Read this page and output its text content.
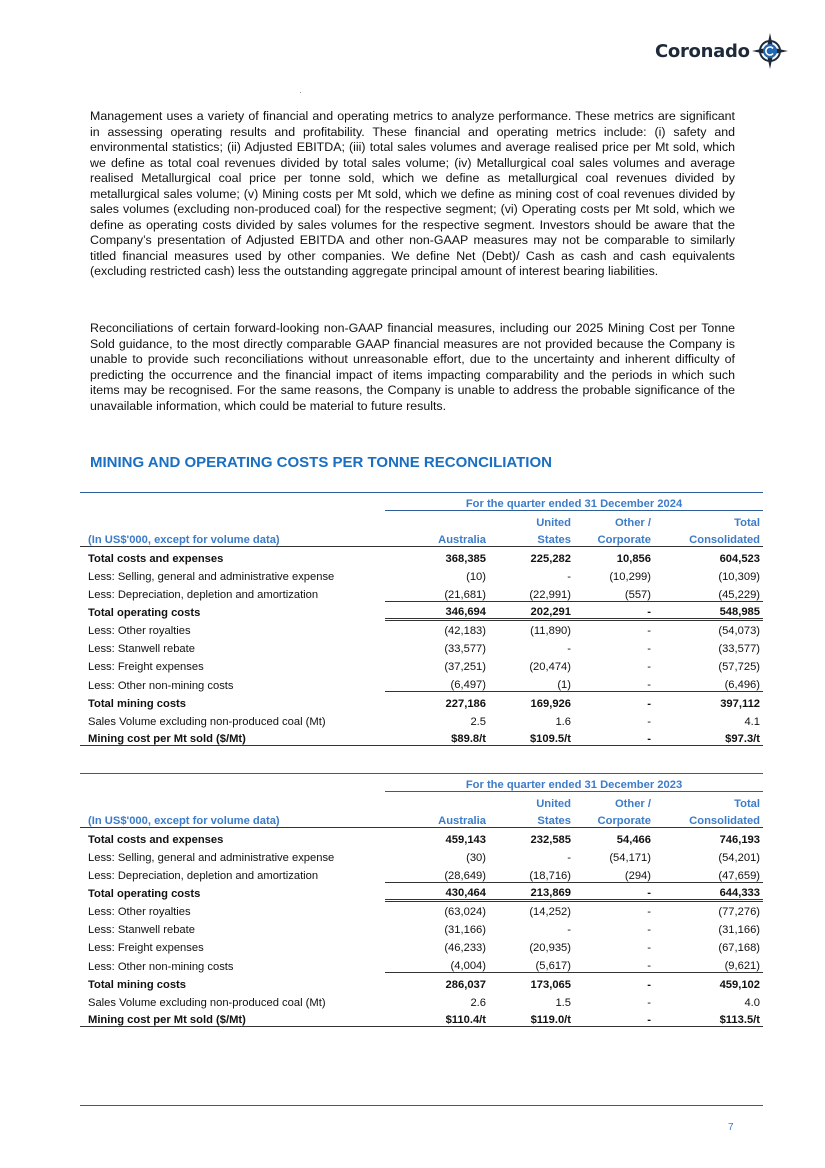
Coronado

Management uses a variety of financial and operating metrics to analyze performance. These metrics are significant in assessing operating results and profitability. These financial and operating metrics include: (i) safety and environmental statistics; (ii) Adjusted EBITDA; (iii) total sales volumes and average realised price per Mt sold, which we define as total coal revenues divided by total sales volume; (iv) Metallurgical coal sales volumes and average realised Metallurgical coal price per tonne sold, which we define as metallurgical coal revenues divided by metallurgical sales volume; (v) Mining costs per Mt sold, which we define as mining cost of coal revenues divided by sales volumes (excluding non-produced coal) for the respective segment; (vi) Operating costs per Mt sold, which we define as operating costs divided by sales volumes for the respective segment. Investors should be aware that the Company’s presentation of Adjusted EBITDA and other non-GAAP measures may not be comparable to similarly titled financial measures used by other companies. We define Net (Debt)/ Cash as cash and cash equivalents (excluding restricted cash) less the outstanding aggregate principal amount of interest bearing liabilities.

Reconciliations of certain forward-looking non-GAAP financial measures, including our 2025 Mining Cost per Tonne Sold guidance, to the most directly comparable GAAP financial measures are not provided because the Company is unable to provide such reconciliations without unreasonable effort, due to the uncertainty and inherent difficulty of predicting the occurrence and the financial impact of items impacting comparability and the periods in which such items may be recognised. For the same reasons, the Company is unable to address the probable significance of the unavailable information, which could be material to future results.

MINING AND OPERATING COSTS PER TONNE RECONCILIATION
	For the quarter ended 31 December 2024			
		United	Other /	Total
(In US$'000, except for volume data)	Australia	States	Corporate	Consolidated
Total costs and expenses	368,385	225,282	10,856	604,523
Less: Selling, general and administrative expense	(10)	-	(10,299)	(10,309)
Less: Depreciation, depletion and amortization	(21,681)	(22,991)	(557)	(45,229)
Total operating costs	346,694	202,291	-	548,985
Less: Other royalties	(42,183)	(11,890)	-	(54,073)
Less: Stanwell rebate	(33,577)	-	-	(33,577)
Less: Freight expenses	(37,251)	(20,474)	-	(57,725)
Less: Other non-mining costs	(6,497)	(1)	-	(6,496)
Total mining costs	227,186	169,926	-	397,112
Sales Volume excluding non-produced coal (Mt)	2.5	1.6	-	4.1
Mining cost per Mt sold ($/Mt)	$89.8/t	$109.5/t	-	$97.3/t
	For the quarter ended 31 December 2023			
		United	Other /	Total
(In US$'000, except for volume data)	Australia	States	Corporate	Consolidated
Total costs and expenses	459,143	232,585	54,466	746,193
Less: Selling, general and administrative expense	(30)	-	(54,171)	(54,201)
Less: Depreciation, depletion and amortization	(28,649)	(18,716)	(294)	(47,659)
Total operating costs	430,464	213,869	-	644,333
Less: Other royalties	(63,024)	(14,252)	-	(77,276)
Less: Stanwell rebate	(31,166)	-	-	(31,166)
Less: Freight expenses	(46,233)	(20,935)	-	(67,168)
Less: Other non-mining costs	(4,004)	(5,617)	-	(9,621)
Total mining costs	286,037	173,065	-	459,102
Sales Volume excluding non-produced coal (Mt)	2.6	1.5	-	4.0
Mining cost per Mt sold ($/Mt)	$110.4/t	$119.0/t	-	$113.5/t
7
